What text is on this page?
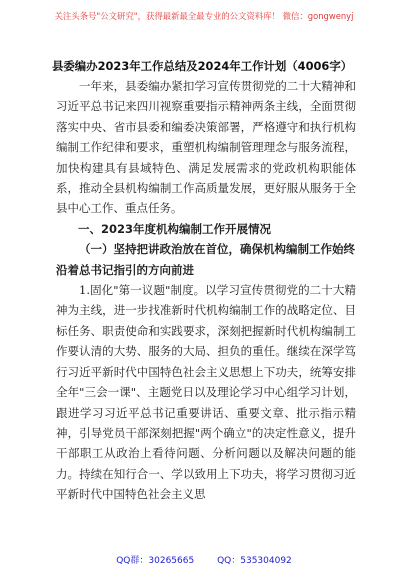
关注头条号"公文研究"，获得最新最全最专业的公文资料库！ 微信：gongwenyj
县委编办2023年工作总结及2024年工作计划（4006字）

一年来，县委编办紧扣学习宣传贯彻党的二十大精神和习近平总书记来四川视察重要指示精神两条主线，全面贯彻落实中央、省市县委和编委决策部署，严格遵守和执行机构编制工作纪律和要求，重塑机构编制管理理念与服务流程，加快构建具有县域特色、满足发展需求的党政机构职能体系，推动全县机构编制工作高质量发展，更好服从服务于全县中心工作、重点任务。

一、2023年度机构编制工作开展情况

（一）坚持把讲政治放在首位，确保机构编制工作始终沿着总书记指引的方向前进

1.固化"第一议题"制度。以学习宣传贯彻党的二十大精神为主线，进一步找准新时代机构编制工作的战略定位、目标任务、职责使命和实践要求，深刻把握新时代机构编制工作要认清的大势、服务的大局、担负的重任。继续在深学笃行习近平新时代中国特色社会主义思想上下功夫，统筹安排全年"三会一课"、主题党日以及理论学习中心组学习计划，跟进学习习近平总书记重要讲话、重要文章、批示指示精神，引导党员干部深刻把握"两个确立"的决定性意义，提升干部职工从政治上看待问题、分析问题以及解决问题的能力。持续在知行合一、学以致用上下功夫，将学习贯彻习近平新时代中国特色社会主义思

QQ群：30265665	QQ：535304092
